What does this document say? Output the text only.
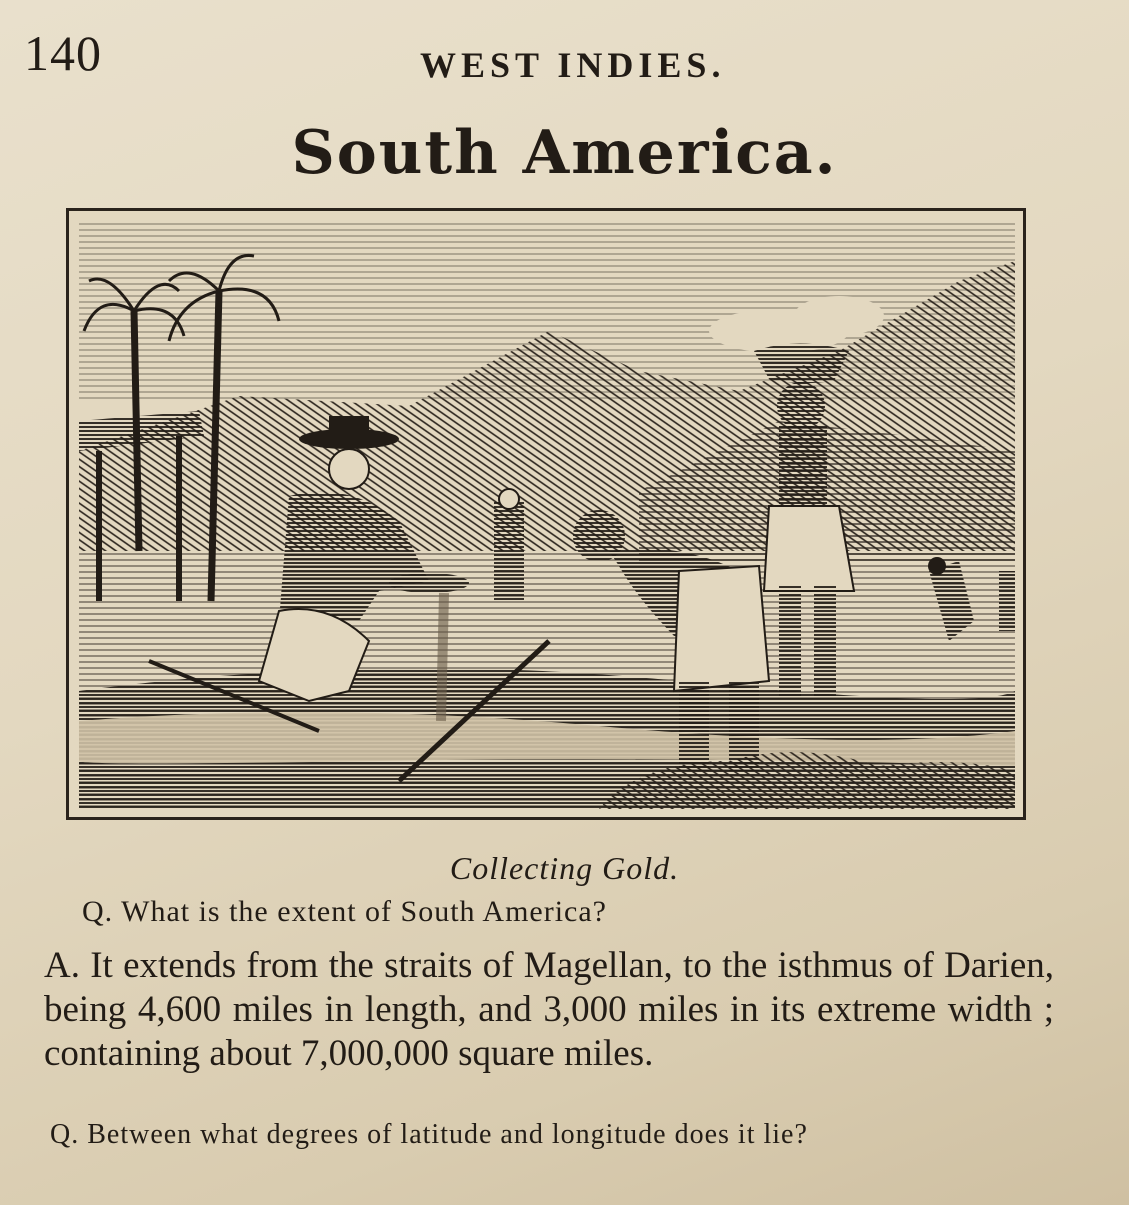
140	WEST INDIES.
South America.
Collecting Gold.
Q. What is the extent of South America?
A. It extends from the straits of Magellan, to the isthmus of Darien, being 4,600 miles in length, and 3,000 miles in its extreme width ; containing about 7,000,000 square miles.
Q. Between what degrees of latitude and longitude does it lie?
